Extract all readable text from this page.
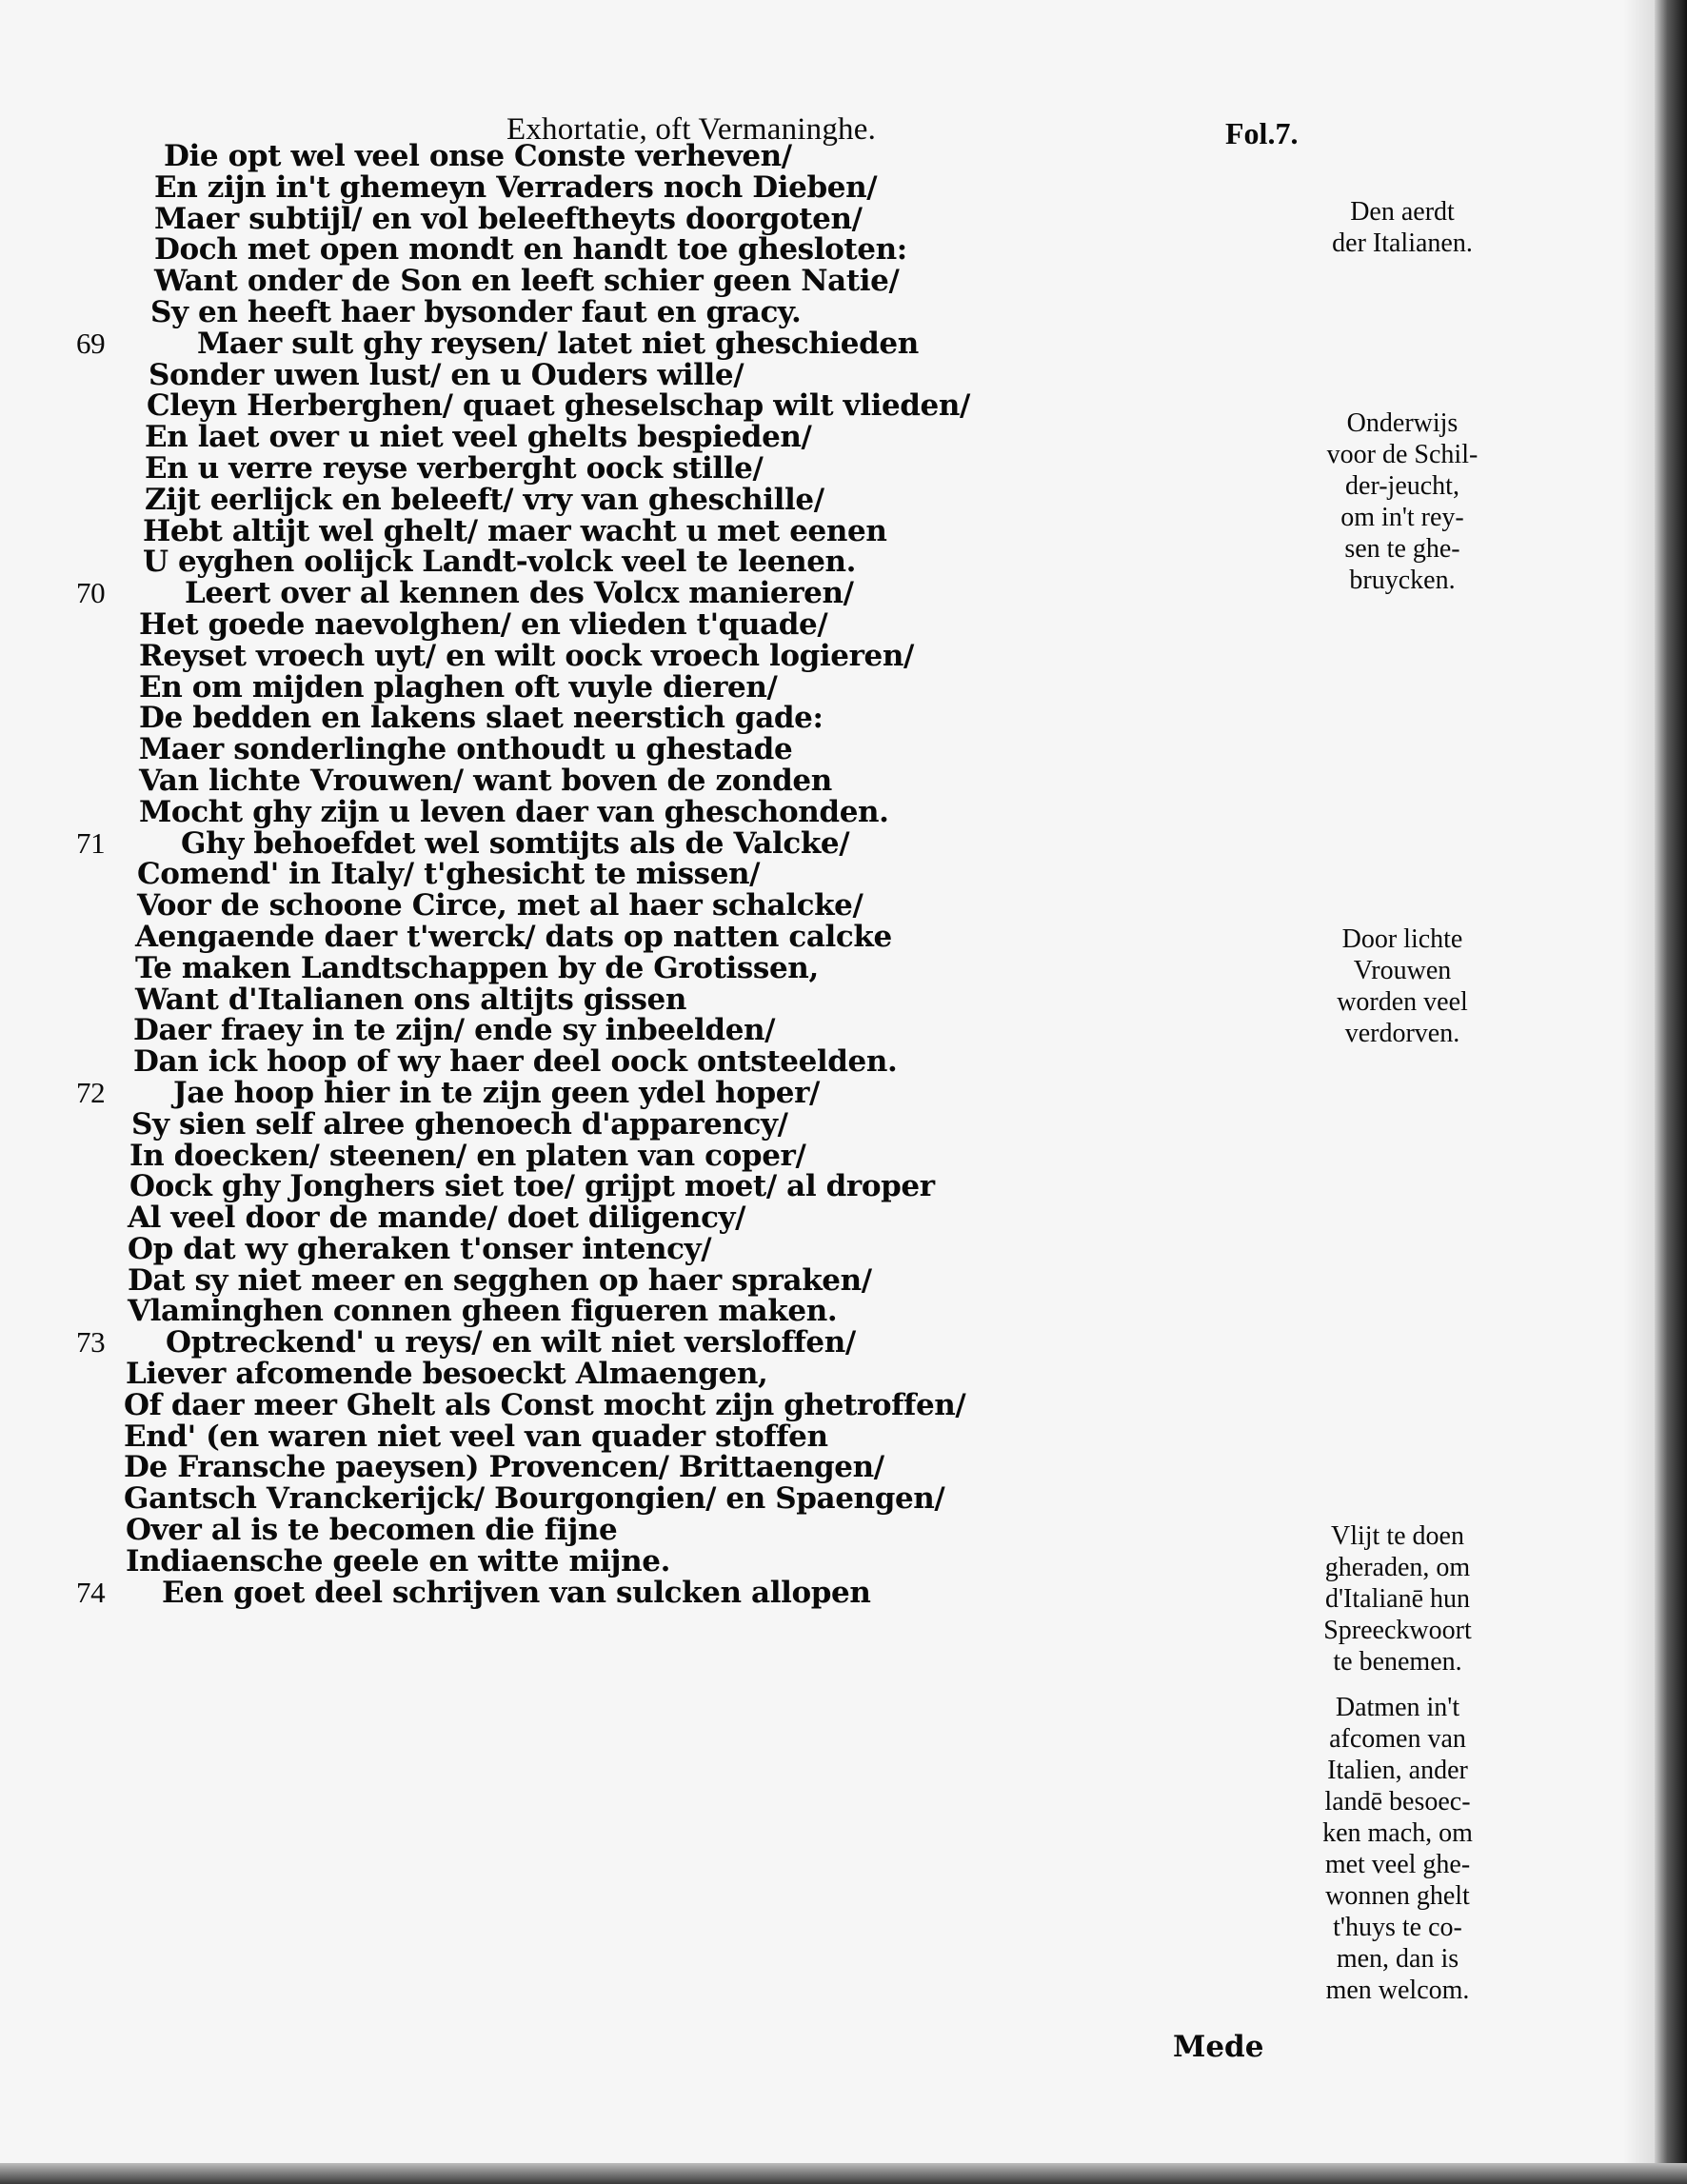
Exhortatie, oft Vermaninghe.	Fol.7.
Die opt wel veel onse Conste verheven/
En zijn in't ghemeyn Verraders noch Dieben/
Maer subtijl/ en vol beleeftheyts doorgoten/
Doch met open mondt en handt toe ghesloten:
Want onder de Son en leeft schier geen Natie/
Sy en heeft haer bysonder faut en gracy.
69	Maer sult ghy reysen/ latet niet gheschieden
Sonder uwen lust/ en u Ouders wille/
Cleyn Herberghen/ quaet gheselschap wilt vlieden/
En laet over u niet veel ghelts bespieden/
En u verre reyse verberght oock stille/
Zijt eerlijck en beleeft/ vry van gheschille/
Hebt altijt wel ghelt/ maer wacht u met eenen
U eyghen oolijck Landt-volck veel te leenen.
70	Leert over al kennen des Volcx manieren/
Het goede naevolghen/ en vlieden t'quade/
Reyset vroech uyt/ en wilt oock vroech logieren/
En om mijden plaghen oft vuyle dieren/
De bedden en lakens slaet neerstich gade:
Maer sonderlinghe onthoudt u ghestade
Van lichte Vrouwen/ want boven de zonden
Mocht ghy zijn u leven daer van gheschonden.
71	Ghy behoefdet wel somtijts als de Valcke/
Comend' in Italy/ t'ghesicht te missen/
Voor de schoone Circe, met al haer schalcke/
Aengaende daer t'werck/ dats op natten calcke
Te maken Landtschappen by de Grotissen,
Want d'Italianen ons altijts gissen
Daer fraey in te zijn/ ende sy inbeelden/
Dan ick hoop of wy haer deel oock ontsteelden.
72 Jae hoop hier in te zijn geen ydel hoper/
Sy sien self alree ghenoech d'apparency/
In doecken/ steenen/ en platen van coper/
Oock ghy Jonghers siet toe/ grijpt moet/ al droper
Al veel door de mande/ doet diligency/
Op dat wy gheraken t'onser intency/
Dat sy niet meer en segghen op haer spraken/
Vlaminghen connen gheen figueren maken.
73 Optreckend' u reys/ en wilt niet versloffen/
Liever afcomende besoeckt Almaengen,
Of daer meer Ghelt als Const mocht zijn ghetroffen/
End' (en waren niet veel van quader stoffen
De Fransche paeysen) Provencen/ Brittaengen/
Gantsch Vranckerijck/ Bourgongien/ en Spaengen/
Over al is te becomen die fijne
Indiaensche geele en witte mijne.
74 Een goet deel schrijven van sulcken allopen
Den aerdt
der Italianen.
Onderwijs
voor de Schil-
der-jeucht,
om in't rey-
sen te ghe-
bruycken.
Door lichte
Vrouwen
worden veel
verdorven.
Vlijt te doen
gheraden, om
d'Italianē hun
Spreeckwoort
te benemen.
Datmen in't
afcomen van
Italien, ander
landē besoec-
ken mach, om
met veel ghe-
wonnen ghelt
t'huys te co-
men, dan is
men welcom.
Mede
